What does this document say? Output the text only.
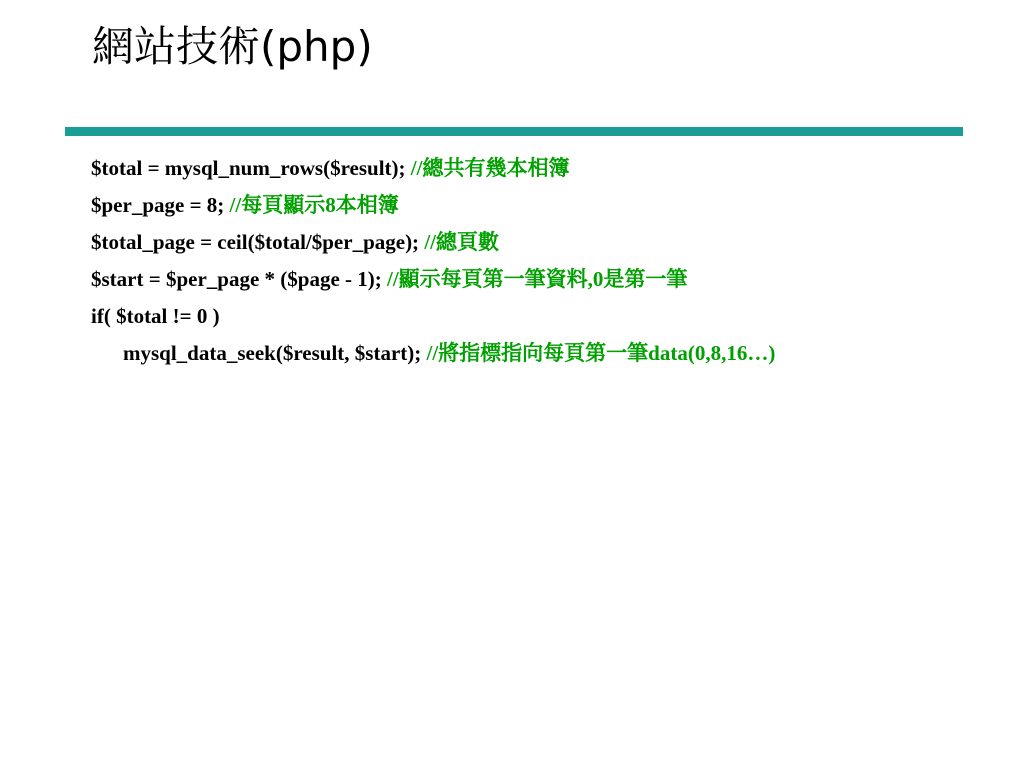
網站技術(php)
$total = mysql_num_rows($result); //總共有幾本相簿
$per_page = 8; //每頁顯示8本相簿
$total_page = ceil($total/$per_page); //總頁數
$start = $per_page * ($page - 1); //顯示每頁第一筆資料,0是第一筆
if( $total != 0 )
mysql_data_seek($result, $start); //將指標指向每頁第一筆data(0,8,16…)
